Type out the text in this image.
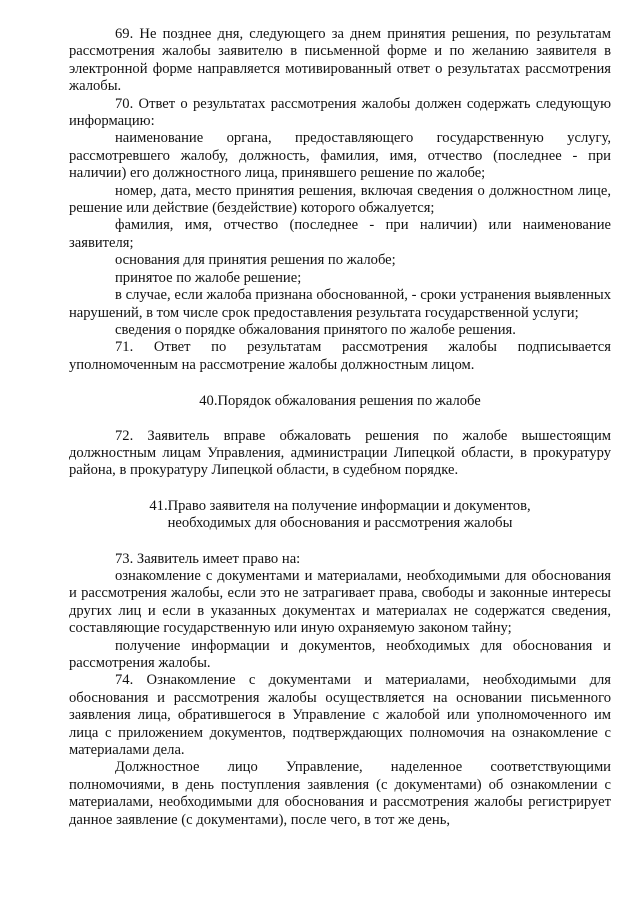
69. Не позднее дня, следующего за днем принятия решения, по результатам рассмотрения жалобы заявителю в письменной форме и по желанию заявителя в электронной форме направляется мотивированный ответ о результатах рассмотрения жалобы.

70. Ответ о результатах рассмотрения жалобы должен содержать следующую информацию:

наименование органа, предоставляющего государственную услугу, рассмотревшего жалобу, должность, фамилия, имя, отчество (последнее - при наличии) его должностного лица, принявшего решение по жалобе;

номер, дата, место принятия решения, включая сведения о должностном лице, решение или действие (бездействие) которого обжалуется;

фамилия, имя, отчество (последнее - при наличии) или наименование заявителя;

основания для принятия решения по жалобе;

принятое по жалобе решение;

в случае, если жалоба признана обоснованной, - сроки устранения выявленных нарушений, в том числе срок предоставления результата государственной услуги;

сведения о порядке обжалования принятого по жалобе решения.

71. Ответ по результатам рассмотрения жалобы подписывается уполномоченным на рассмотрение жалобы должностным лицом.

40.Порядок обжалования решения по жалобе

72. Заявитель вправе обжаловать решения по жалобе вышестоящим должностным лицам Управления, администрации Липецкой области, в прокуратуру района, в прокуратуру Липецкой области, в судебном порядке.

41.Право заявителя на получение информации и документов,
необходимых для обоснования и рассмотрения жалобы

73. Заявитель имеет право на:

ознакомление с документами и материалами, необходимыми для обоснования и рассмотрения жалобы, если это не затрагивает права, свободы и законные интересы других лиц и если в указанных документах и материалах не содержатся сведения, составляющие государственную или иную охраняемую законом тайну;

получение информации и документов, необходимых для обоснования и рассмотрения жалобы.

74. Ознакомление с документами и материалами, необходимыми для обоснования и рассмотрения жалобы осуществляется на основании письменного заявления лица, обратившегося в Управление с жалобой или уполномоченного им лица с приложением документов, подтверждающих полномочия на ознакомление с материалами дела.

Должностное лицо Управление, наделенное соответствующими полномочиями, в день поступления заявления (с документами) об ознакомлении с материалами, необходимыми для обоснования и рассмотрения жалобы регистрирует данное заявление (с документами), после чего, в тот же день,
